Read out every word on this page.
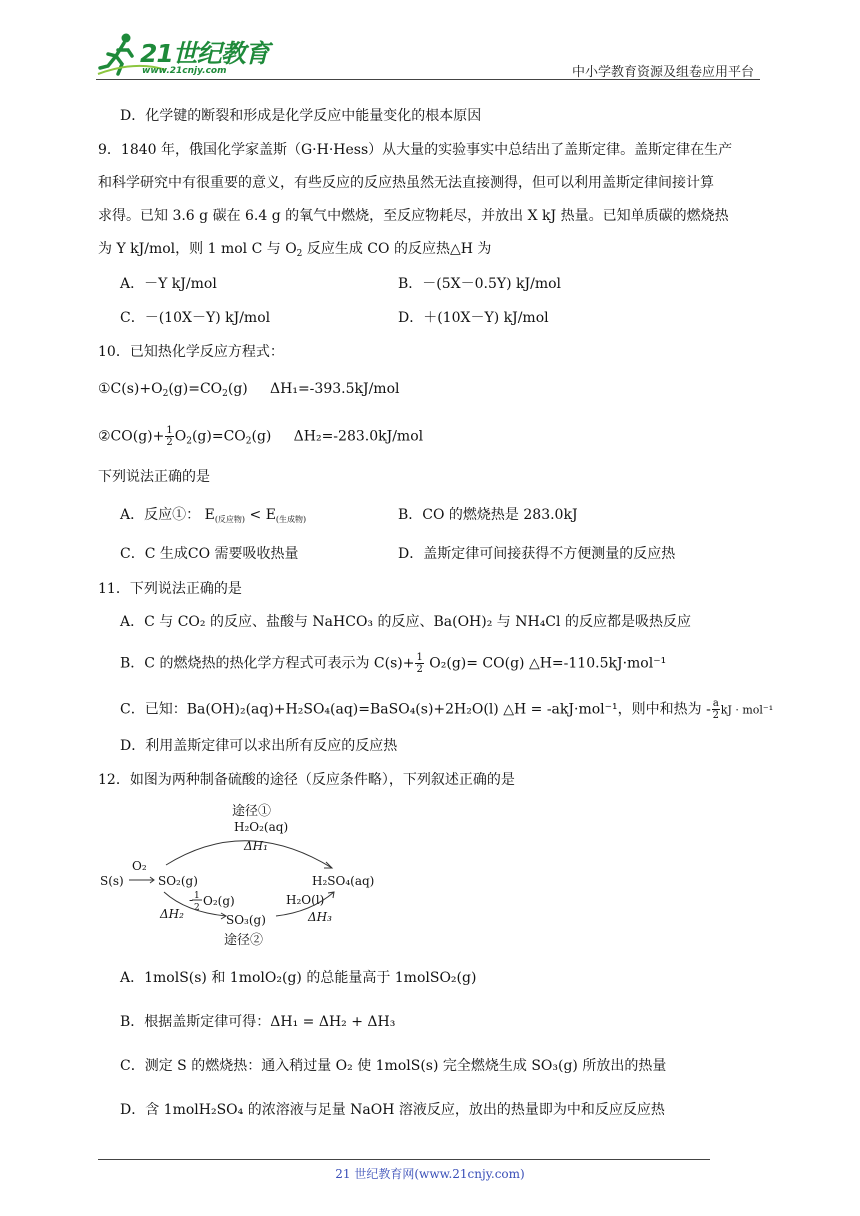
21世纪教育
www.21cnjy.com	中小学教育资源及组卷应用平台
D．化学键的断裂和形成是化学反应中能量变化的根本原因
9．1840 年，俄国化学家盖斯（G·H·Hess）从大量的实验事实中总结出了盖斯定律。盖斯定律在生产
和科学研究中有很重要的意义，有些反应的反应热虽然无法直接测得，但可以利用盖斯定律间接计算
求得。已知 3.6 g 碳在 6.4 g 的氧气中燃烧，至反应物耗尽，并放出 X kJ 热量。已知单质碳的燃烧热
为 Y kJ/mol，则 1 mol C 与 $O_2$ 反应生成 CO 的反应热△H 为
A．－Y kJ/mol	B．－(5X－0.5Y) kJ/mol
C．－(10X－Y) kJ/mol	D．＋(10X－Y) kJ/mol
10．已知热化学反应方程式：
$①C(s)+O_2(g)=CO_2(g)$     ΔH₁=-393.5kJ/mol
②CO(g)+ $\frac{1}{2} O_2(g)=CO_2(g)$     ΔH₂=-283.0kJ/mol
下列说法正确的是
A．反应①： $E_{(反应物)} < E_{(生成物)}$	B．CO 的燃烧热是 283.0kJ
C．C 生成CO 需要吸收热量	D．盖斯定律可间接获得不方便测量的反应热
11．下列说法正确的是
A．C 与 CO₂ 的反应、盐酸与 NaHCO₃ 的反应、Ba(OH)₂ 与 NH₄Cl 的反应都是吸热反应
B．C 的燃烧热的热化学方程式可表示为 $C(s)+ \frac{1}{2} O_2(g)= CO(g)$ △H=-110.5kJ·mol⁻¹
C．已知：Ba(OH)₂(aq)+H₂SO₄(aq)=BaSO₄(s)+2H₂O(l) △H = -akJ·mol⁻¹，则中和热为 - $\frac{a}{2}$ kJ · mol⁻¹
D．利用盖斯定律可以求出所有反应的反应热
12．如图为两种制备硫酸的途径（反应条件略），下列叙述正确的是
途径①
H₂O₂(aq)
ΔH₁
O₂
S(s)	SO₂(g)	H₂SO₄(aq)
1
2
- O₂(g)
ΔH₂	SO₃(g)
H₂O(l)
ΔH₃
途径②
A．1molS(s) 和 1molO₂(g) 的总能量高于 1molSO₂(g)
B．根据盖斯定律可得：ΔH₁ = ΔH₂ + ΔH₃
C．测定 S 的燃烧热：通入稍过量 O₂ 使 1molS(s) 完全燃烧生成 SO₃(g) 所放出的热量
D．含 1molH₂SO₄ 的浓溶液与足量 NaOH 溶液反应，放出的热量即为中和反应反应热
21 世纪教育网(www.21cnjy.com)
